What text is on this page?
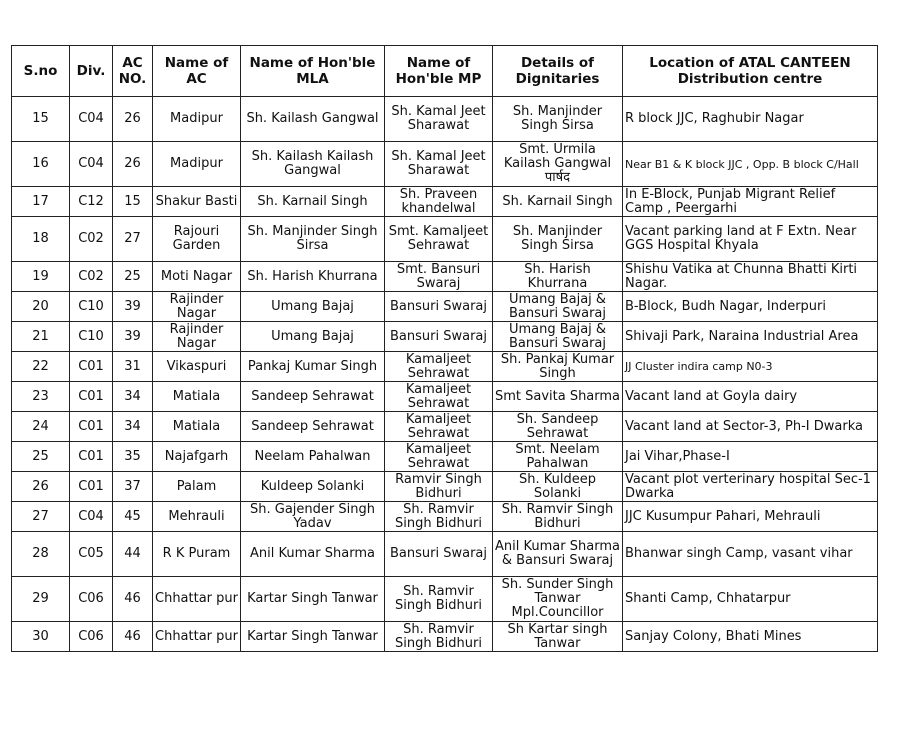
S.no	Div.	AC NO.	Name of AC	Name of Hon'ble MLA	Name of Hon'ble MP	Details of Dignitaries	Location of ATAL CANTEEN Distribution centre
15	C04	26	Madipur	Sh. Kailash Gangwal	Sh. Kamal Jeet Sharawat	Sh. Manjinder Singh Sirsa	R block JJC, Raghubir Nagar
16	C04	26	Madipur	Sh. Kailash Kailash Gangwal	Sh. Kamal Jeet Sharawat	Smt. Urmila Kailash Gangwal पार्षद	Near B1 & K block JJC , Opp. B block C/Hall
17	C12	15	Shakur Basti	Sh. Karnail Singh	Sh. Praveen khandelwal	Sh. Karnail Singh	In E-Block, Punjab Migrant Relief Camp , Peergarhi
18	C02	27	Rajouri Garden	Sh. Manjinder Singh Sirsa	Smt. Kamaljeet Sehrawat	Sh. Manjinder Singh Sirsa	Vacant parking land at F Extn. Near GGS Hospital Khyala
19	C02	25	Moti Nagar	Sh. Harish Khurrana	Smt. Bansuri Swaraj	Sh. Harish Khurrana	Shishu Vatika at Chunna Bhatti Kirti Nagar.
20	C10	39	Rajinder Nagar	Umang Bajaj	Bansuri Swaraj	Umang Bajaj & Bansuri Swaraj	B-Block, Budh Nagar, Inderpuri
21	C10	39	Rajinder Nagar	Umang Bajaj	Bansuri Swaraj	Umang Bajaj & Bansuri Swaraj	Shivaji Park, Naraina Industrial Area
22	C01	31	Vikaspuri	Pankaj Kumar Singh	Kamaljeet Sehrawat	Sh. Pankaj Kumar Singh	JJ Cluster indira camp N0-3
23	C01	34	Matiala	Sandeep Sehrawat	Kamaljeet Sehrawat	Smt Savita Sharma	Vacant land at Goyla dairy
24	C01	34	Matiala	Sandeep Sehrawat	Kamaljeet Sehrawat	Sh. Sandeep Sehrawat	Vacant land at Sector-3, Ph-I Dwarka
25	C01	35	Najafgarh	Neelam Pahalwan	Kamaljeet Sehrawat	Smt. Neelam Pahalwan	Jai Vihar,Phase-I
26	C01	37	Palam	Kuldeep Solanki	Ramvir Singh Bidhuri	Sh. Kuldeep Solanki	Vacant plot verterinary hospital Sec-1 Dwarka
27	C04	45	Mehrauli	Sh. Gajender Singh Yadav	Sh. Ramvir Singh Bidhuri	Sh. Ramvir Singh Bidhuri	JJC Kusumpur Pahari, Mehrauli
28	C05	44	R K Puram	Anil Kumar Sharma	Bansuri Swaraj	Anil Kumar Sharma & Bansuri Swaraj	Bhanwar singh Camp, vasant vihar
29	C06	46	Chhattar pur	Kartar Singh Tanwar	Sh. Ramvir Singh Bidhuri	Sh. Sunder Singh Tanwar Mpl.Councillor	Shanti Camp, Chhatarpur
30	C06	46	Chhattar pur	Kartar Singh Tanwar	Sh. Ramvir Singh Bidhuri	Sh Kartar singh Tanwar	Sanjay Colony, Bhati Mines
